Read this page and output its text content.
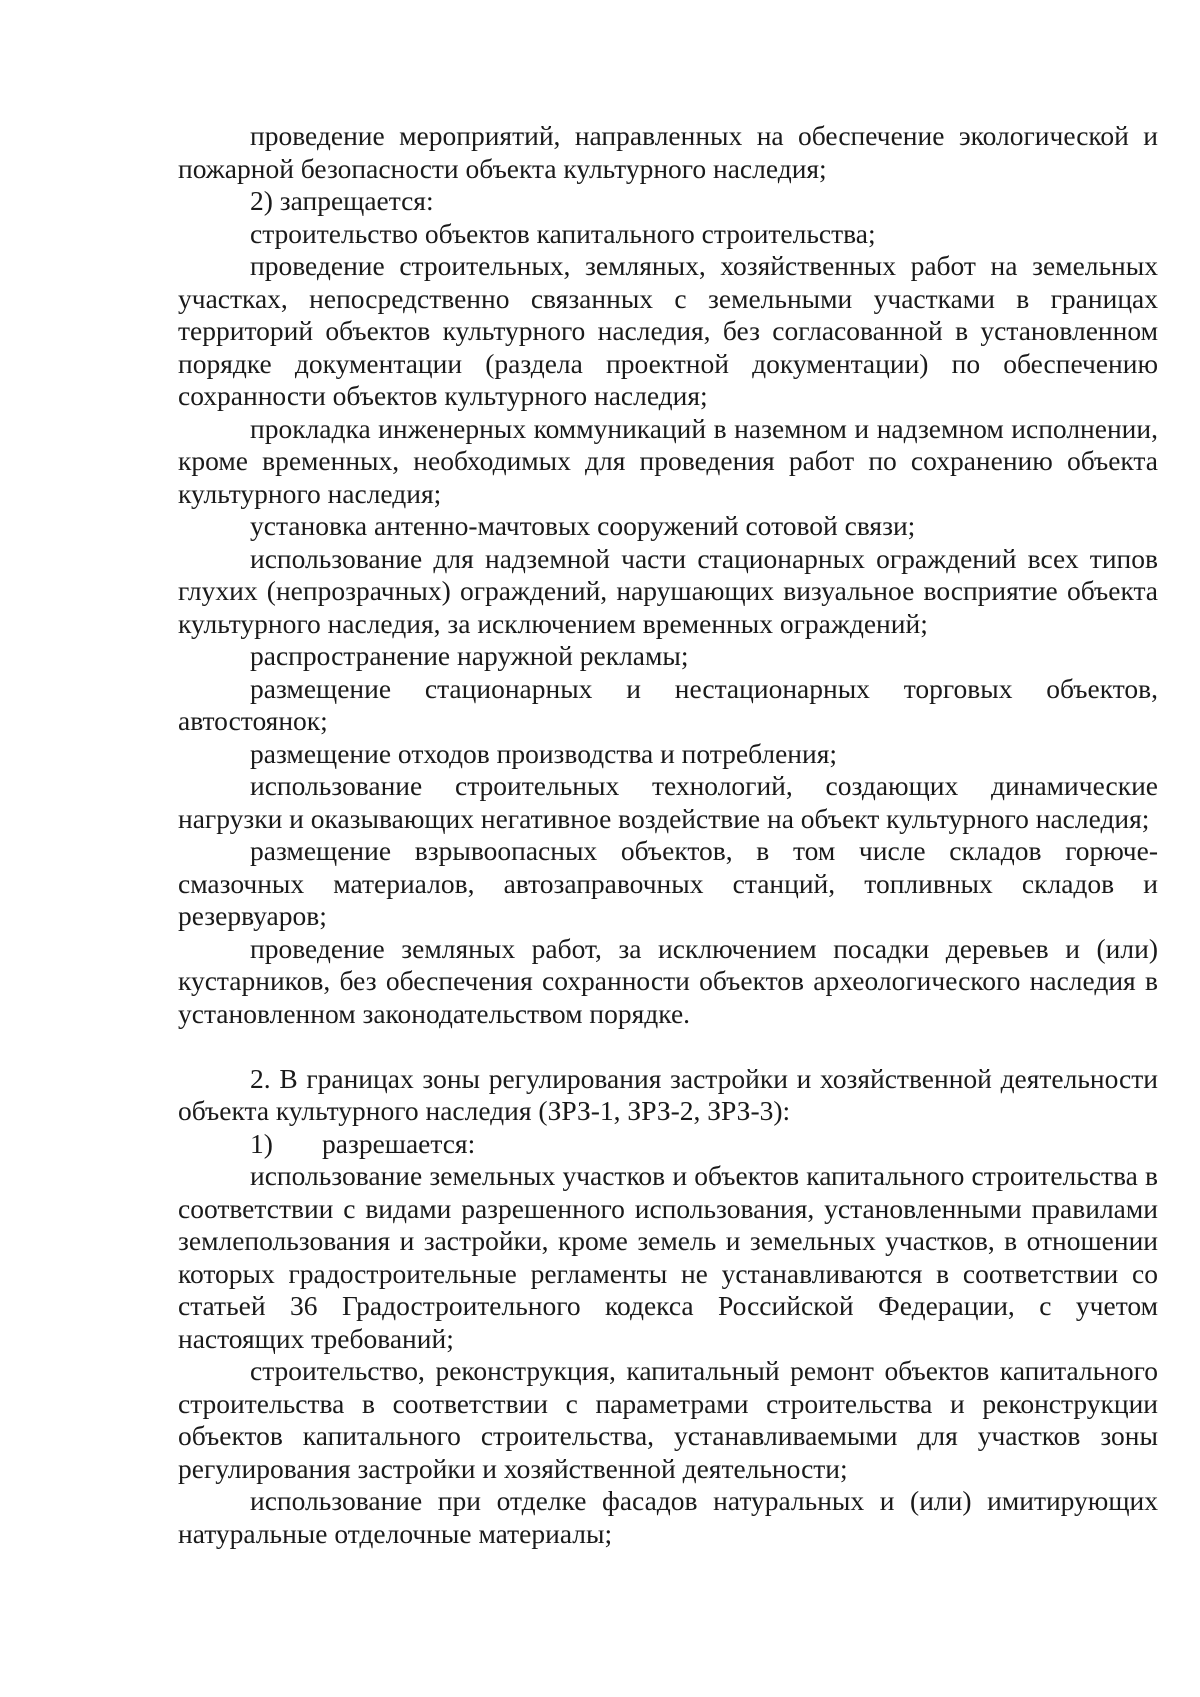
проведение мероприятий, направленных на обеспечение экологической и пожарной безопасности объекта культурного наследия;

2) запрещается:

строительство объектов капитального строительства;

проведение строительных, земляных, хозяйственных работ на земельных участках, непосредственно связанных с земельными участками в границах территорий объектов культурного наследия, без согласованной в установленном порядке документации (раздела проектной документации) по обеспечению сохранности объектов культурного наследия;

прокладка инженерных коммуникаций в наземном и надземном исполнении, кроме временных, необходимых для проведения работ по сохранению объекта культурного наследия;

установка антенно-мачтовых сооружений сотовой связи;

использование для надземной части стационарных ограждений всех типов глухих (непрозрачных) ограждений, нарушающих визуальное восприятие объекта культурного наследия, за исключением временных ограждений;

распространение наружной рекламы;

размещение стационарных и нестационарных торговых объектов, автостоянок;

размещение отходов производства и потребления;

использование строительных технологий, создающих динамические нагрузки и оказывающих негативное воздействие на объект культурного наследия;

размещение взрывоопасных объектов, в том числе складов горюче-смазочных материалов, автозаправочных станций, топливных складов и резервуаров;

проведение земляных работ, за исключением посадки деревьев и (или) кустарников, без обеспечения сохранности объектов археологического наследия в установленном законодательством порядке.

2. В границах зоны регулирования застройки и хозяйственной деятельности объекта культурного наследия (ЗРЗ-1, ЗРЗ-2, ЗРЗ-3):

1) разрешается:

использование земельных участков и объектов капитального строительства в соответствии с видами разрешенного использования, установленными правилами землепользования и застройки, кроме земель и земельных участков, в отношении которых градостроительные регламенты не устанавливаются в соответствии со статьей 36 Градостроительного кодекса Российской Федерации, с учетом настоящих требований;

строительство, реконструкция, капитальный ремонт объектов капитального строительства в соответствии с параметрами строительства и реконструкции объектов капитального строительства, устанавливаемыми для участков зоны регулирования застройки и хозяйственной деятельности;

использование при отделке фасадов натуральных и (или) имитирующих натуральные отделочные материалы;
